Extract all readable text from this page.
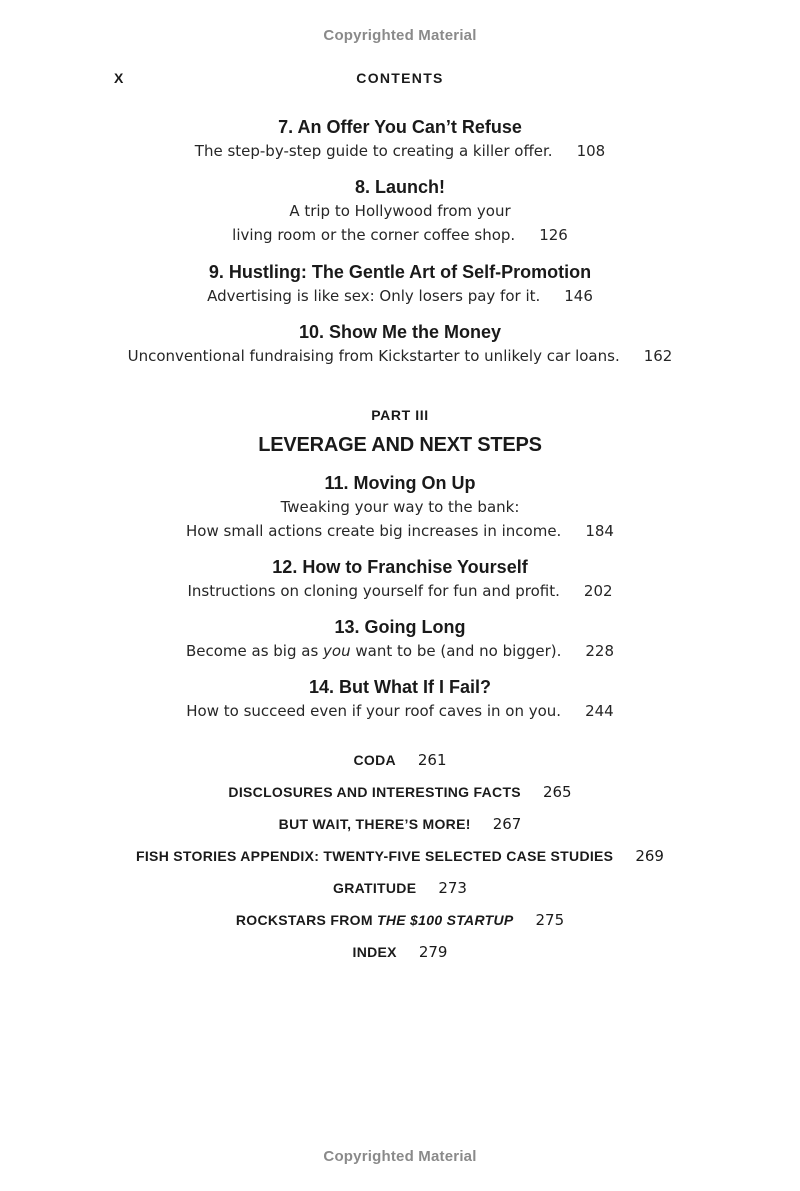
Copyrighted Material
X	CONTENTS
7. An Offer You Can’t Refuse
The step-by-step guide to creating a killer offer. 108
8. Launch!
A trip to Hollywood from your
living room or the corner coffee shop. 126
9. Hustling: The Gentle Art of Self-Promotion
Advertising is like sex: Only losers pay for it. 146
10. Show Me the Money
Unconventional fundraising from Kickstarter to unlikely car loans. 162
PART III
LEVERAGE AND NEXT STEPS
11. Moving On Up
Tweaking your way to the bank:
How small actions create big increases in income. 184
12. How to Franchise Yourself
Instructions on cloning yourself for fun and profit. 202
13. Going Long
Become as big as you want to be (and no bigger). 228
14. But What If I Fail?
How to succeed even if your roof caves in on you. 244
CODA 261
DISCLOSURES AND INTERESTING FACTS 265
BUT WAIT, THERE’S MORE! 267
FISH STORIES APPENDIX: TWENTY-FIVE SELECTED CASE STUDIES 269
GRATITUDE 273
ROCKSTARS FROM THE $100 STARTUP 275
INDEX 279
Copyrighted Material
